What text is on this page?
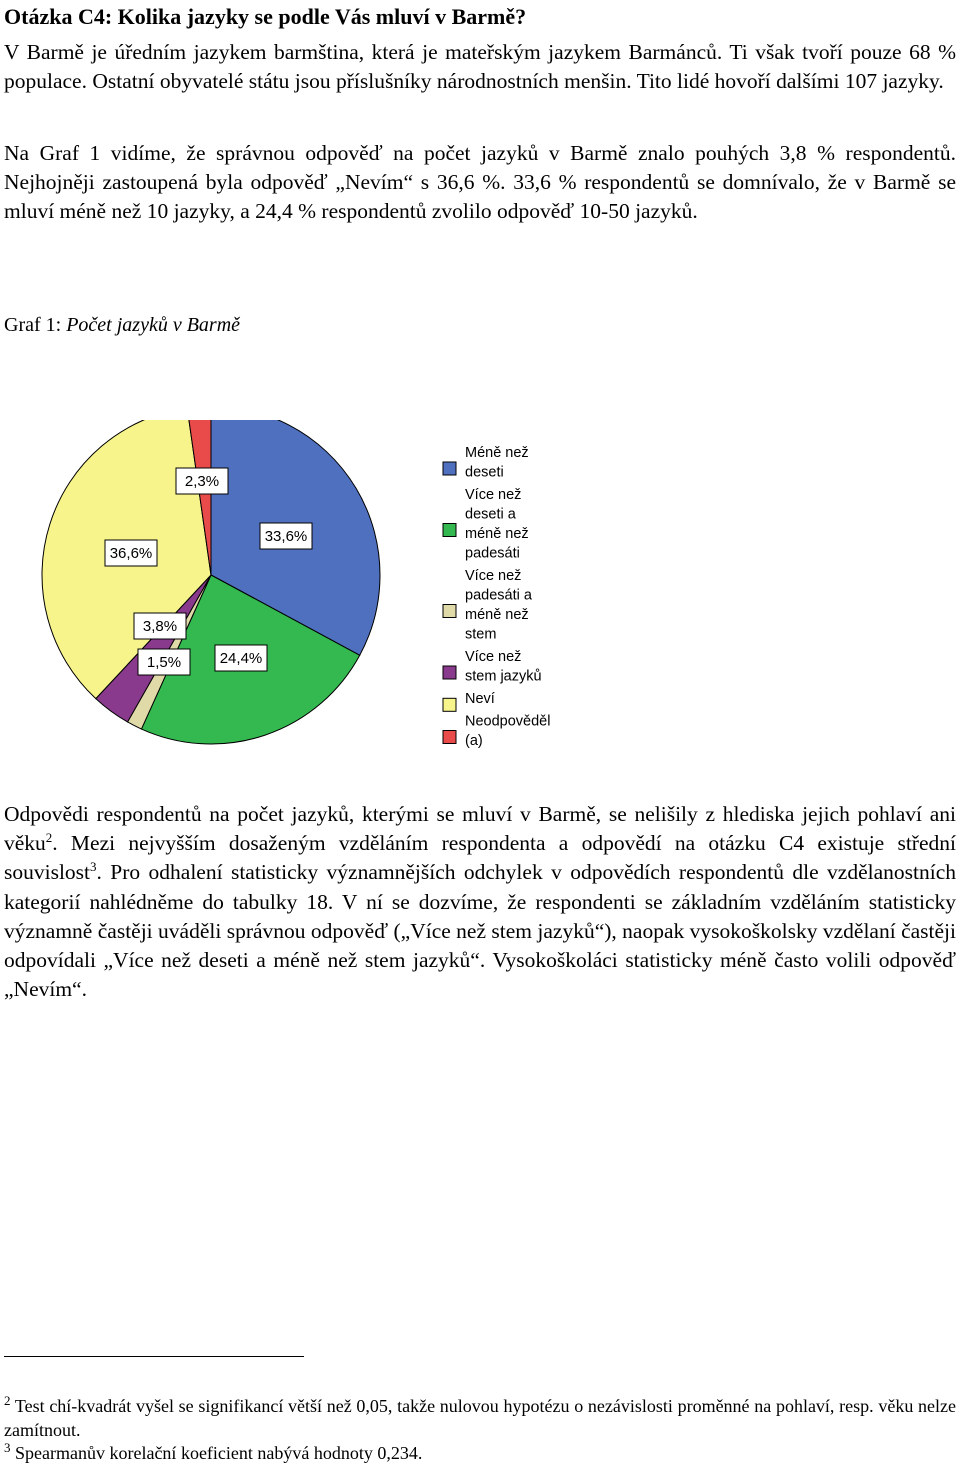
Otázka C4: Kolika jazyky se podle Vás mluví v Barmě?
V Barmě je úředním jazykem barmština, která je mateřským jazykem Barmánců. Ti však tvoří pouze 68 % populace. Ostatní obyvatelé státu jsou příslušníky národnostních menšin. Tito lidé hovoří dalšími 107 jazyky.
Na Graf 1 vidíme, že správnou odpověď na počet jazyků v Barmě znalo pouhých 3,8 % respondentů. Nejhojněji zastoupená byla odpověď „Nevím“ s 36,6 %. 33,6 % respondentů se domnívalo, že v Barmě se mluví méně než 10 jazyky, a 24,4 % respondentů zvolilo odpověď 10-50 jazyků.
Graf 1: Počet jazyků v Barmě
33,6%
24,4%
1,5%
3,8%
36,6%
2,3%
Méně než
deseti
Více než
deseti a
méně než
padesáti
Více než
padesáti a
méně než
stem
Více než
stem jazyků
Neví
Neodpověděl
(a)
Odpovědi respondentů na počet jazyků, kterými se mluví v Barmě, se nelišily z hlediska jejich pohlaví ani věku$^2$. Mezi nejvyšším dosaženým vzděláním respondenta a odpovědí na otázku C4 existuje střední souvislost$^3$. Pro odhalení statisticky významnějších odchylek v odpovědích respondentů dle vzdělanostních kategorií nahlédněme do tabulky 18. V ní se dozvíme, že respondenti se základním vzděláním statisticky významně častěji uváděli správnou odpověď („Více než stem jazyků“), naopak vysokoškolsky vzdělaní častěji odpovídali „Více než deseti a méně než stem jazyků“. Vysokoškoláci statisticky méně často volili odpověď „Nevím“.
$^2$ Test chí-kvadrát vyšel se signifikancí větší než 0,05, takže nulovou hypotézu o nezávislosti proměnné na pohlaví, resp. věku nelze zamítnout.
$^3$ Spearmanův korelační koeficient nabývá hodnoty 0,234.
